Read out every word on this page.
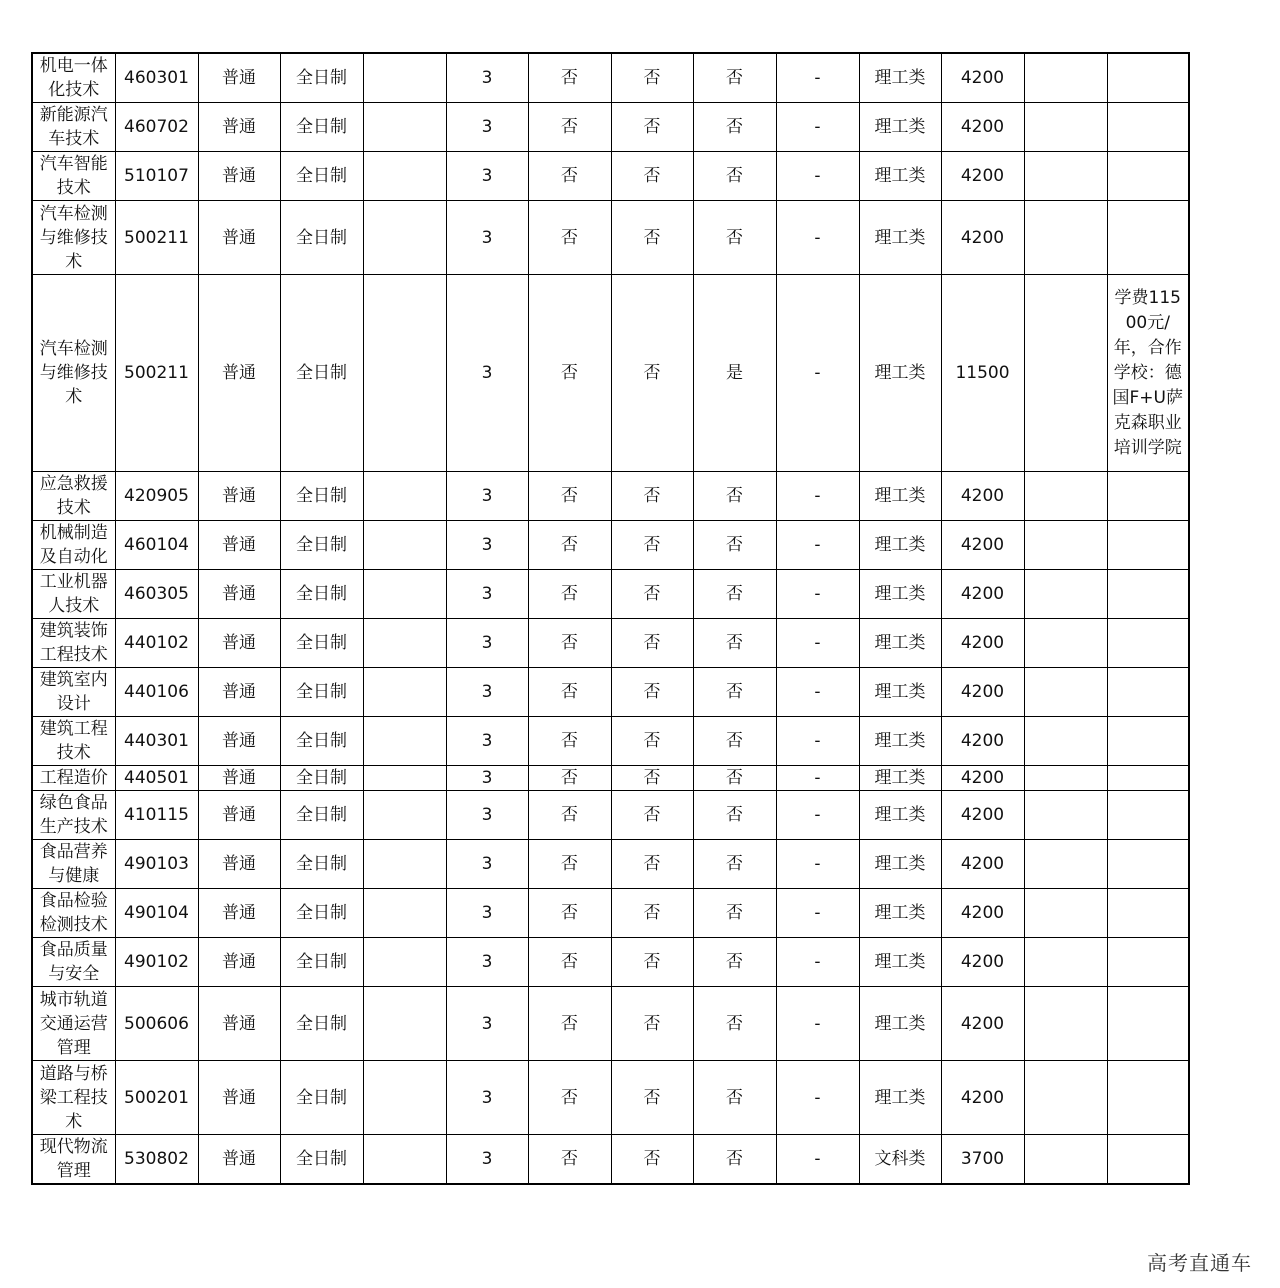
机电一体化技术	460301	普通	全日制		3	否	否	否	-	理工类	4200		
新能源汽车技术	460702	普通	全日制		3	否	否	否	-	理工类	4200		
汽车智能技术	510107	普通	全日制		3	否	否	否	-	理工类	4200		
汽车检测与维修技术	500211	普通	全日制		3	否	否	否	-	理工类	4200		
汽车检测与维修技术	500211	普通	全日制		3	否	否	是	-	理工类	11500		学费11500元/年，合作学校：德国F+U萨克森职业培训学院
应急救援技术	420905	普通	全日制		3	否	否	否	-	理工类	4200		
机械制造及自动化	460104	普通	全日制		3	否	否	否	-	理工类	4200		
工业机器人技术	460305	普通	全日制		3	否	否	否	-	理工类	4200		
建筑装饰工程技术	440102	普通	全日制		3	否	否	否	-	理工类	4200		
建筑室内设计	440106	普通	全日制		3	否	否	否	-	理工类	4200		
建筑工程技术	440301	普通	全日制		3	否	否	否	-	理工类	4200		
工程造价	440501	普通	全日制		3	否	否	否	-	理工类	4200		
绿色食品生产技术	410115	普通	全日制		3	否	否	否	-	理工类	4200		
食品营养与健康	490103	普通	全日制		3	否	否	否	-	理工类	4200		
食品检验检测技术	490104	普通	全日制		3	否	否	否	-	理工类	4200		
食品质量与安全	490102	普通	全日制		3	否	否	否	-	理工类	4200		
城市轨道交通运营管理	500606	普通	全日制		3	否	否	否	-	理工类	4200		
道路与桥梁工程技术	500201	普通	全日制		3	否	否	否	-	理工类	4200		
现代物流管理	530802	普通	全日制		3	否	否	否	-	文科类	3700		
高考直通车
